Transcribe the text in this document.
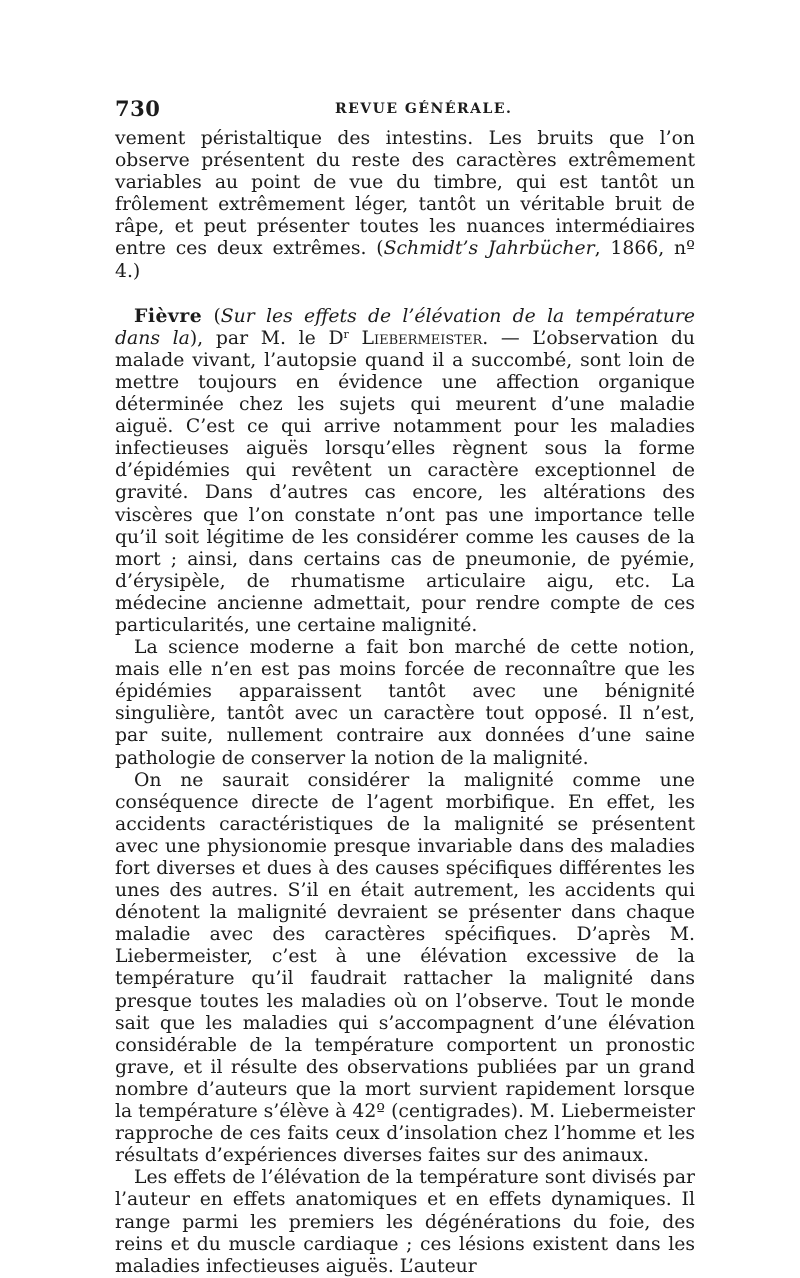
730	REVUE GÉNÉRALE.

vement péristaltique des intestins. Les bruits que l’on observe présentent du reste des caractères extrêmement variables au point de vue du timbre, qui est tantôt un frôlement extrêmement léger, tantôt un véritable bruit de râpe, et peut présenter toutes les nuances intermédiaires entre ces deux extrêmes. (Schmidt’s Jahrbücher, 1866, nº 4.)

Fièvre (Sur les effets de l’élévation de la température dans la), par M. le $D^r$ Liebermeister. — L’observation du malade vivant, l’autopsie quand il a succombé, sont loin de mettre toujours en évidence une affection organique déterminée chez les sujets qui meurent d’une maladie aiguë. C’est ce qui arrive notamment pour les maladies infectieuses aiguës lorsqu’elles règnent sous la forme d’épidémies qui revêtent un caractère exceptionnel de gravité. Dans d’autres cas encore, les altérations des viscères que l’on constate n’ont pas une importance telle qu’il soit légitime de les considérer comme les causes de la mort ; ainsi, dans certains cas de pneumonie, de pyémie, d’érysipèle, de rhumatisme articulaire aigu, etc. La médecine ancienne admettait, pour rendre compte de ces particularités, une certaine malignité.

La science moderne a fait bon marché de cette notion, mais elle n’en est pas moins forcée de reconnaître que les épidémies apparaissent tantôt avec une bénignité singulière, tantôt avec un caractère tout opposé. Il n’est, par suite, nullement contraire aux données d’une saine pathologie de conserver la notion de la malignité.

On ne saurait considérer la malignité comme une conséquence directe de l’agent morbifique. En effet, les accidents caractéristiques de la malignité se présentent avec une physionomie presque invariable dans des maladies fort diverses et dues à des causes spécifiques différentes les unes des autres. S’il en était autrement, les accidents qui dénotent la malignité devraient se présenter dans chaque maladie avec des caractères spécifiques. D’après M. Liebermeister, c’est à une élévation excessive de la température qu’il faudrait rattacher la malignité dans presque toutes les maladies où on l’observe. Tout le monde sait que les maladies qui s’accompagnent d’une élévation considérable de la température comportent un pronostic grave, et il résulte des observations publiées par un grand nombre d’auteurs que la mort survient rapidement lorsque la température s’élève à 42º (centigrades). M. Liebermeister rapproche de ces faits ceux d’insolation chez l’homme et les résultats d’expériences diverses faites sur des animaux.

Les effets de l’élévation de la température sont divisés par l’auteur en effets anatomiques et en effets dynamiques. Il range parmi les premiers les dégénérations du foie, des reins et du muscle cardiaque ; ces lésions existent dans les maladies infectieuses aiguës. L’auteur
